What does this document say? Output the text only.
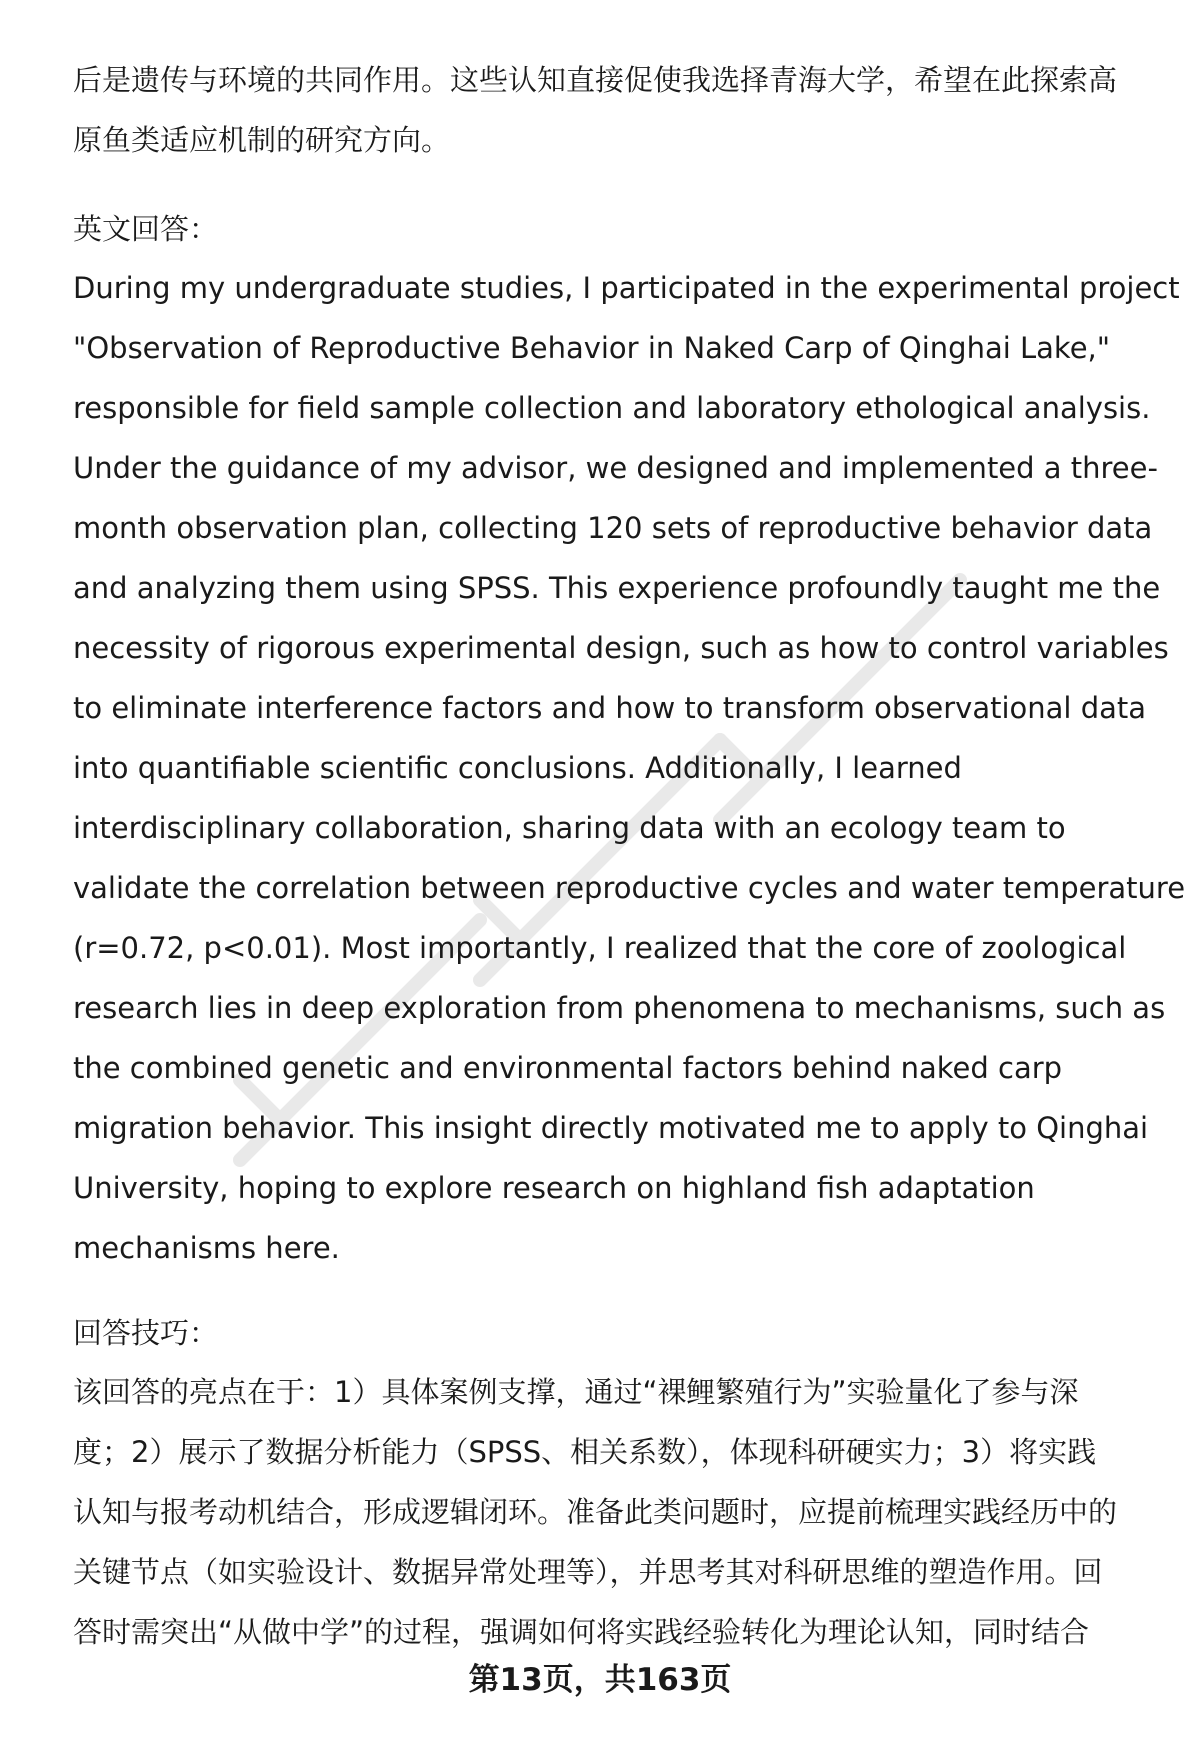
后是遗传与环境的共同作用。这些认知直接促使我选择青海大学，希望在此探索高

原鱼类适应机制的研究方向。

英文回答：

During my undergraduate studies, I participated in the experimental project

"Observation of Reproductive Behavior in Naked Carp of Qinghai Lake,"

responsible for field sample collection and laboratory ethological analysis.

Under the guidance of my advisor, we designed and implemented a three-

month observation plan, collecting 120 sets of reproductive behavior data

and analyzing them using SPSS. This experience profoundly taught me the

necessity of rigorous experimental design, such as how to control variables

to eliminate interference factors and how to transform observational data

into quantifiable scientific conclusions. Additionally, I learned

interdisciplinary collaboration, sharing data with an ecology team to

validate the correlation between reproductive cycles and water temperature

(r=0.72, p<0.01). Most importantly, I realized that the core of zoological

research lies in deep exploration from phenomena to mechanisms, such as

the combined genetic and environmental factors behind naked carp

migration behavior. This insight directly motivated me to apply to Qinghai

University, hoping to explore research on highland fish adaptation

mechanisms here.

回答技巧：

该回答的亮点在于：1）具体案例支撑，通过“裸鲤繁殖行为”实验量化了参与深

度；2）展示了数据分析能力（SPSS、相关系数），体现科研硬实力；3）将实践

认知与报考动机结合，形成逻辑闭环。准备此类问题时，应提前梳理实践经历中的

关键节点（如实验设计、数据异常处理等），并思考其对科研思维的塑造作用。回

答时需突出“从做中学”的过程，强调如何将实践经验转化为理论认知，同时结合

第13页，共163页
